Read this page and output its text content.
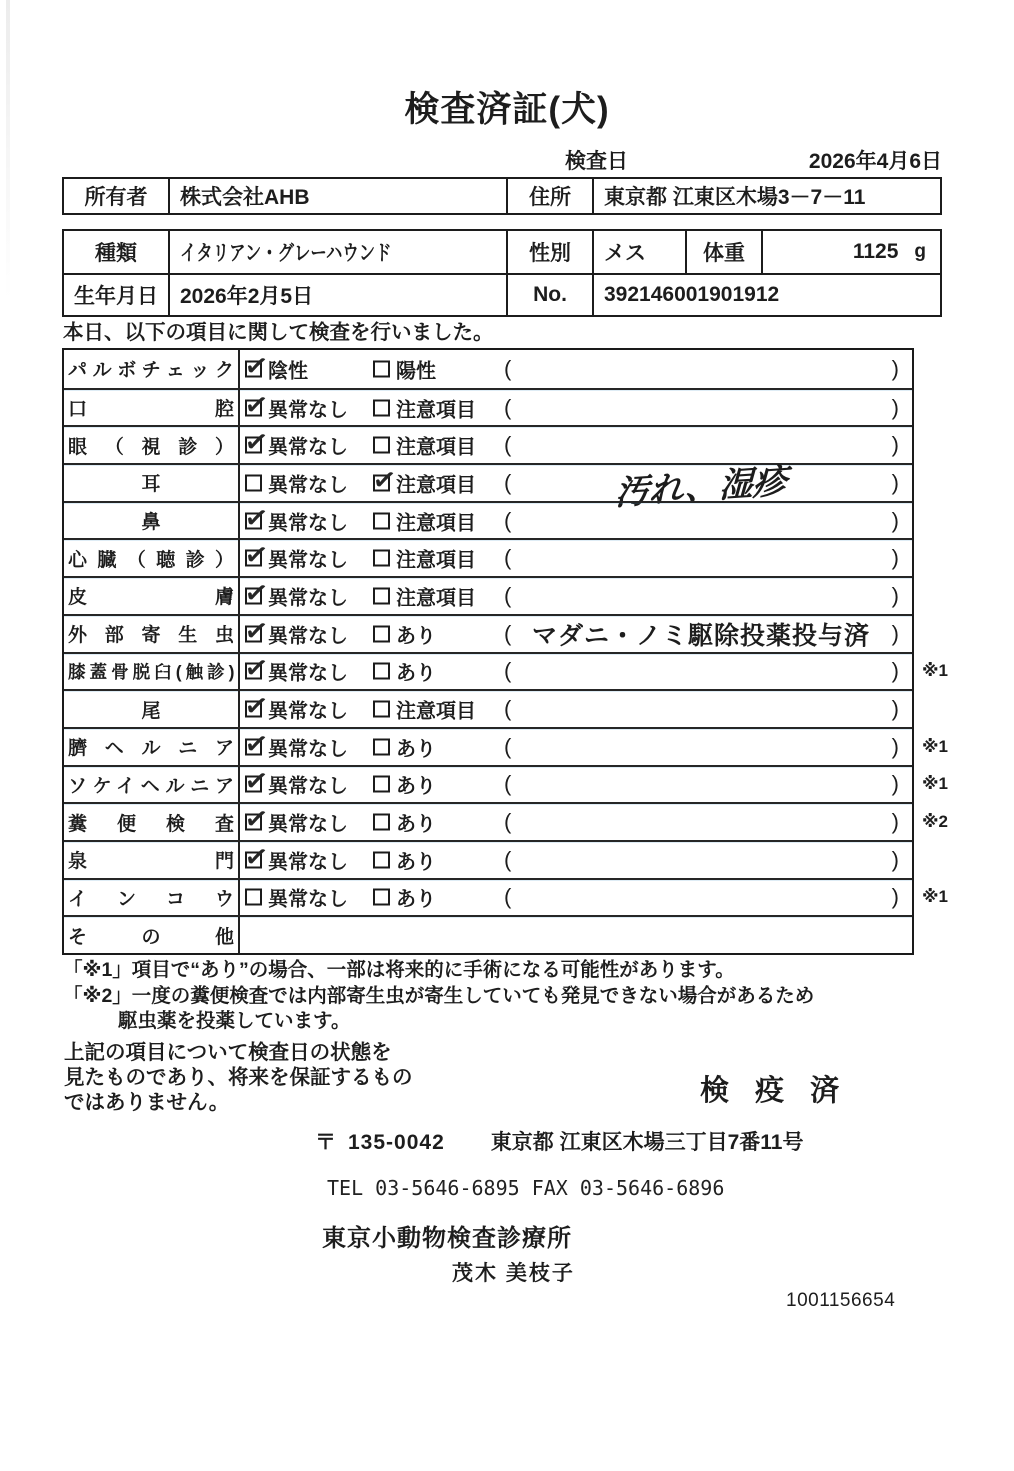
検査済証(犬)
検査日	2026年4月6日
所有者	株式会社AHB	住所	東京都 江東区木場3－7－11
種類	イタリアン・グレーハウンド	性別	メス	体重	1125 g
生年月日	2026年2月5日	No.	392146001901912
本日、以下の項目に関して検査を行いました。
パルボチェック ✓ 陰性	陽性	(	)
口腔 ✓ 異常なし 注意項目 (	)
眼（視診） ✓ 異常なし 注意項目 (	)
耳	異常なし ✓ 注意項目 (	汚れ、湿疹	)
鼻 ✓	異常なし 注意項目 (	)
心臓（聴診） ✓ 異常なし 注意項目 (	)
皮膚 ✓ 異常なし 注意項目 (	)
外部寄生虫 ✓ 異常なし あり	( マダニ・ノミ駆除投薬投与済 )
膝蓋骨脱臼(触診) ✓ 異常なし あり	(	) ※1
尾 ✓	異常なし 注意項目 (	)
臍ヘルニア ✓ 異常なし あり	(	) ※1
ソケイヘルニア ✓ 異常なし あり	(	) ※1
糞便検査 ✓ 異常なし あり	(	) ※2
泉門 ✓ 異常なし あり	(	)
インコウ 異常なし あり	(	) ※1
その他
「※1」項目で“あり”の場合、一部は将来的に手術になる可能性があります。
「※2」一度の糞便検査では内部寄生虫が寄生していても発見できない場合があるため
駆虫薬を投薬しています。
上記の項目について検査日の状態を
見たものであり、将来を保証するもの
ではありません。	検 疫 済
〒 135-0042 東京都 江東区木場三丁目7番11号
TEL 03-5646-6895 FAX 03-5646-6896
東京小動物検査診療所
茂木 美枝子
1001156654
